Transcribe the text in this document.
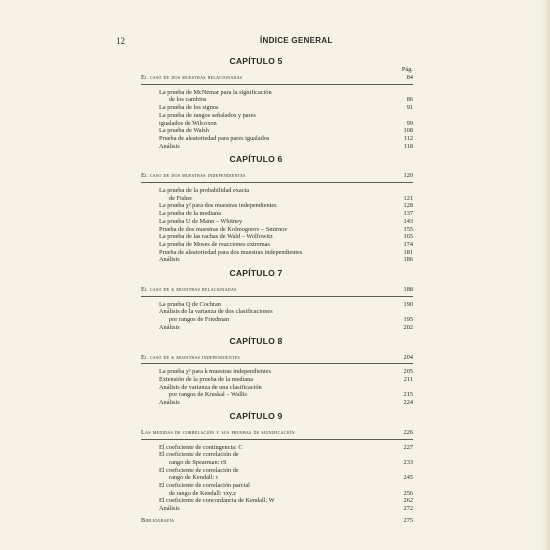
12	ÍNDICE GENERAL
CAPÍTULO 5
Pág.
El caso de dos muestras relacionadas	84
La prueba de McNemar para la significación
de los cambios	86
La prueba de los signos	91
La prueba de rangos señalados y pares
igualados de Wilcoxon	99
La prueba de Walsh	108
Prueba de aleatoriedad para pares igualados	112
Análisis	118
CAPÍTULO 6
El caso de dos muestras independientes	120
La prueba de la probabilidad exacta
de Fisher	121
La prueba χ² para dos muestras independientes	128
La prueba de la mediana	137
La prueba U de Mann – Whitney	143
Prueba de dos muestras de Kolmogorov – Smirnov	155
La prueba de las rachas de Wald – Wolfowitz	165
La prueba de Moses de reacciones extremas	174
Prueba de aleatoriedad para dos muestras independientes	181
Análisis	186
CAPÍTULO 7
El caso de k muestras relacionadas	188
La prueba Q de Cochran	190
Análisis de la varianza de dos clasificaciones
por rangos de Friedman	195
Análisis	202
CAPÍTULO 8
El caso de k muestras independientes	204
La prueba χ² para k muestras independientes	205
Extensión de la prueba de la mediana	211
Análisis de varianza de una clasificación
por rangos de Kruskal – Wallis	215
Análisis	224
CAPÍTULO 9
Las medidas de correlación y sus pruebas de significación	226
El coeficiente de contingencia: C	227
El coeficiente de correlación de
rango de Spearman: rS	233
El coeficiente de correlación de
rango de Kendall: τ	245
El coeficiente de correlación parcial
de rango de Kendall: τxy.z	256
El coeficiente de concordancia de Kendall: W	262
Análisis	272
Bibliografía	275
